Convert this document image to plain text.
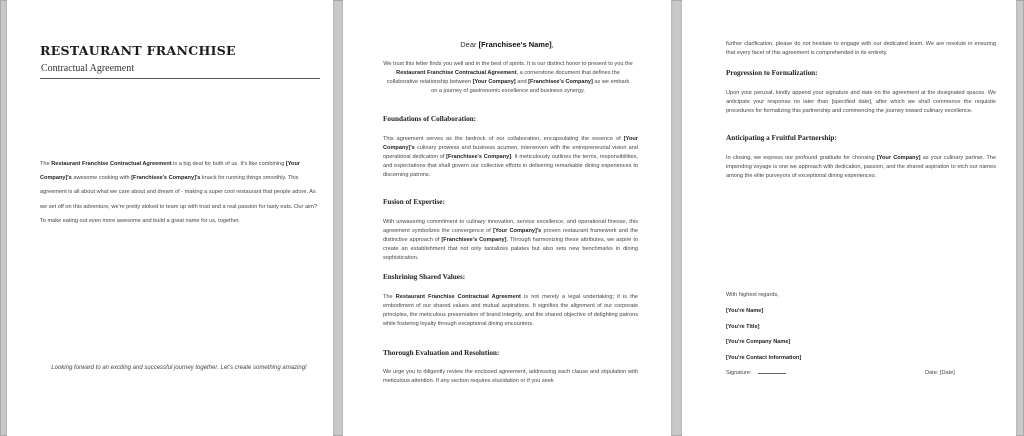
RESTAURANT FRANCHISE
Contractual Agreement
The Restaurant Franchise Contractual Agreement is a big deal for both of us. It's like combining [Your Company]'s awesome cooking with [Franchisee's Company]'s knack for running things smoothly. This agreement is all about what we care about and dream of - making a super cool restaurant that people adore. As we set off on this adventure, we're pretty stoked to team up with trust and a real passion for tasty eats. Our aim? To make eating out even more awesome and build a great name for us, together.
Looking forward to an exciting and successful journey together. Let's create something amazing!
Dear [Franchisee's Name],
We trust this letter finds you well and in the best of spirits. It is our distinct honor to present to you the Restaurant Franchise Contractual Agreement, a cornerstone document that defines the collaborative relationship between [Your Company] and [Franchisee's Company] as we embark on a journey of gastronomic excellence and business synergy.
Foundations of Collaboration:
This agreement serves as the bedrock of our collaboration, encapsulating the essence of [Your Company]'s culinary prowess and business acumen, interwoven with the entrepreneurial vision and operational dedication of [Franchisee's Company]. It meticulously outlines the terms, responsibilities, and expectations that shall govern our collective efforts in delivering remarkable dining experiences to discerning patrons.
Fusion of Expertise:
With unwavering commitment to culinary innovation, service excellence, and operational finesse, this agreement symbolizes the convergence of [Your Company]'s proven restaurant framework and the distinctive approach of [Franchisee's Company]. Through harmonizing these attributes, we aspire to create an establishment that not only tantalizes palates but also sets new benchmarks in dining sophistication.
Enshrining Shared Values:
The Restaurant Franchise Contractual Agreement is not merely a legal undertaking; it is the embodiment of our shared values and mutual aspirations. It signifies the alignment of our corporate principles, the meticulous preservation of brand integrity, and the shared objective of delighting patrons while fostering loyalty through exceptional dining encounters.
Thorough Evaluation and Resolution:
We urge you to diligently review the enclosed agreement, addressing each clause and stipulation with meticulous attention. If any section requires elucidation or if you seek
further clarification, please do not hesitate to engage with our dedicated team. We are resolute in ensuring that every facet of this agreement is comprehended in its entirety.
Progression to Formalization:
Upon your perusal, kindly append your signature and date on the agreement at the designated spaces. We anticipate your response no later than [specified date], after which we shall commence the requisite procedures for formalizing this partnership and commencing the journey toward culinary excellence.
Anticipating a Fruitful Partnership:
In closing, we express our profound gratitude for choosing [Your Company] as your culinary partner. The impending voyage is one we approach with dedication, passion, and the shared aspiration to etch our names among the elite purveyors of exceptional dining experiences.
With highest regards,
[You're Name]
[You're Title]
[You're Company Name]
[You're Contact Information]
Signature:	Date: [Date]
